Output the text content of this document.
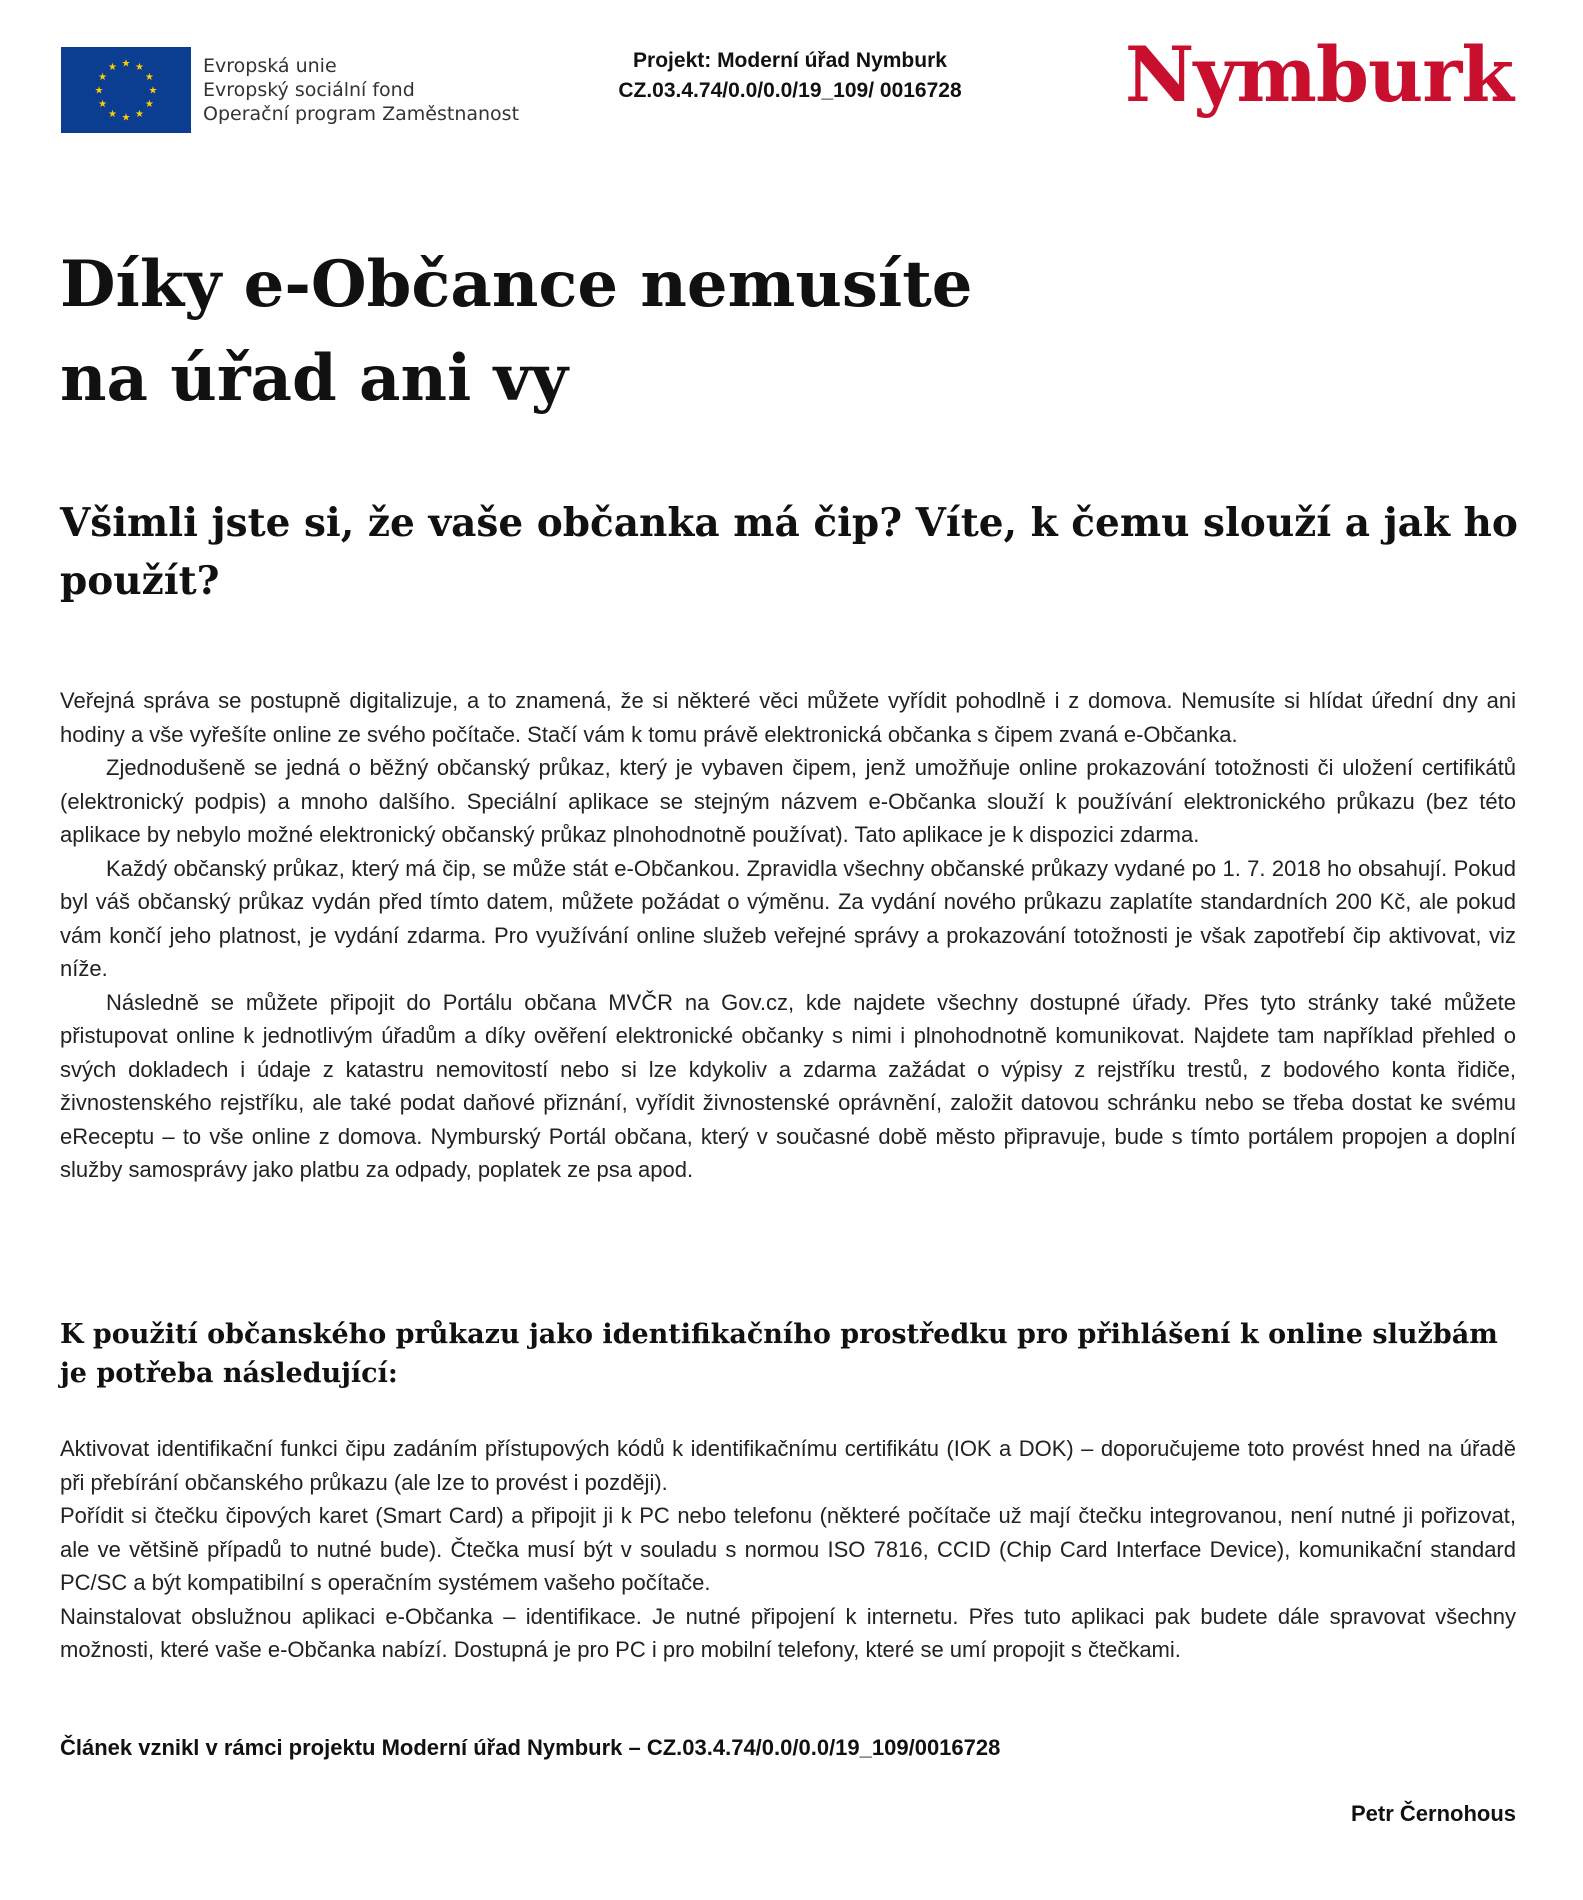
★ ★
★
★
★
★
★
★
★
★
★
★	Evropská unie
Evropský sociální fond
Operační program Zaměstnanost
Projekt: Moderní úřad Nymburk
CZ.03.4.74/0.0/0.0/19_109/ 0016728	Nymburk
Díky e-Občance nemusíte
na úřad ani vy
Všimli jste si, že vaše občanka má čip? Víte, k čemu slouží a jak ho použít?

Veřejná správa se postupně digitalizuje, a to znamená, že si některé věci můžete vyřídit pohodlně i z domova. Nemusíte si hlídat úřední dny ani hodiny a vše vyřešíte online ze svého počítače. Stačí vám k tomu právě elektronická občanka s čipem zvaná e-Občanka.

Zjednodušeně se jedná o běžný občanský průkaz, který je vybaven čipem, jenž umožňuje online prokazování totožnosti či uložení certifikátů (elektronický podpis) a mnoho dalšího. Speciální aplikace se stejným názvem e-Občanka slouží k používání elektronického průkazu (bez této aplikace by nebylo možné elektronický občanský průkaz plnohodnotně používat). Tato aplikace je k dispozici zdarma.

Každý občanský průkaz, který má čip, se může stát e-Občankou. Zpravidla všechny občanské průkazy vydané po 1. 7. 2018 ho obsahují. Pokud byl váš občanský průkaz vydán před tímto datem, můžete požádat o výměnu. Za vydání nového průkazu zaplatíte standardních 200 Kč, ale pokud vám končí jeho platnost, je vydání zdarma. Pro využívání online služeb veřejné správy a prokazování totožnosti je však zapotřebí čip aktivovat, viz níže.

Následně se můžete připojit do Portálu občana MVČR na Gov.cz, kde najdete všechny dostupné úřady. Přes tyto stránky také můžete přistupovat online k jednotlivým úřadům a díky ověření elektronické občanky s nimi i plnohodnotně komunikovat. Najdete tam například přehled o svých dokladech i údaje z katastru nemovitostí nebo si lze kdykoliv a zdarma zažádat o výpisy z rejstříku trestů, z bodového konta řidiče, živnostenského rejstříku, ale také podat daňové přiznání, vyřídit živnostenské oprávnění, založit datovou schránku nebo se třeba dostat ke svému eReceptu – to vše online z domova. Nymburský Portál občana, který v současné době město připravuje, bude s tímto portálem propojen a doplní služby samosprávy jako platbu za odpady, poplatek ze psa apod.

K použití občanského průkazu jako identifikačního prostředku pro přihlášení k online službám je potřeba následující:

Aktivovat identifikační funkci čipu zadáním přístupových kódů k identifikačnímu certifikátu (IOK a DOK) – doporučujeme toto provést hned na úřadě při přebírání občanského průkazu (ale lze to provést i později).

Pořídit si čtečku čipových karet (Smart Card) a připojit ji k PC nebo telefonu (některé počítače už mají čtečku integrovanou, není nutné ji pořizovat, ale ve většině případů to nutné bude). Čtečka musí být v souladu s normou ISO 7816, CCID (Chip Card Interface Device), komunikační standard PC/SC a být kompatibilní s operačním systémem vašeho počítače.

Nainstalovat obslužnou aplikaci e-Občanka – identifikace. Je nutné připojení k internetu. Přes tuto aplikaci pak budete dále spravovat všechny možnosti, které vaše e-Občanka nabízí. Dostupná je pro PC i pro mobilní telefony, které se umí propojit s čtečkami.

Článek vznikl v rámci projektu Moderní úřad Nymburk – CZ.03.4.74/0.0/0.0/19_109/0016728
Petr Černohous
